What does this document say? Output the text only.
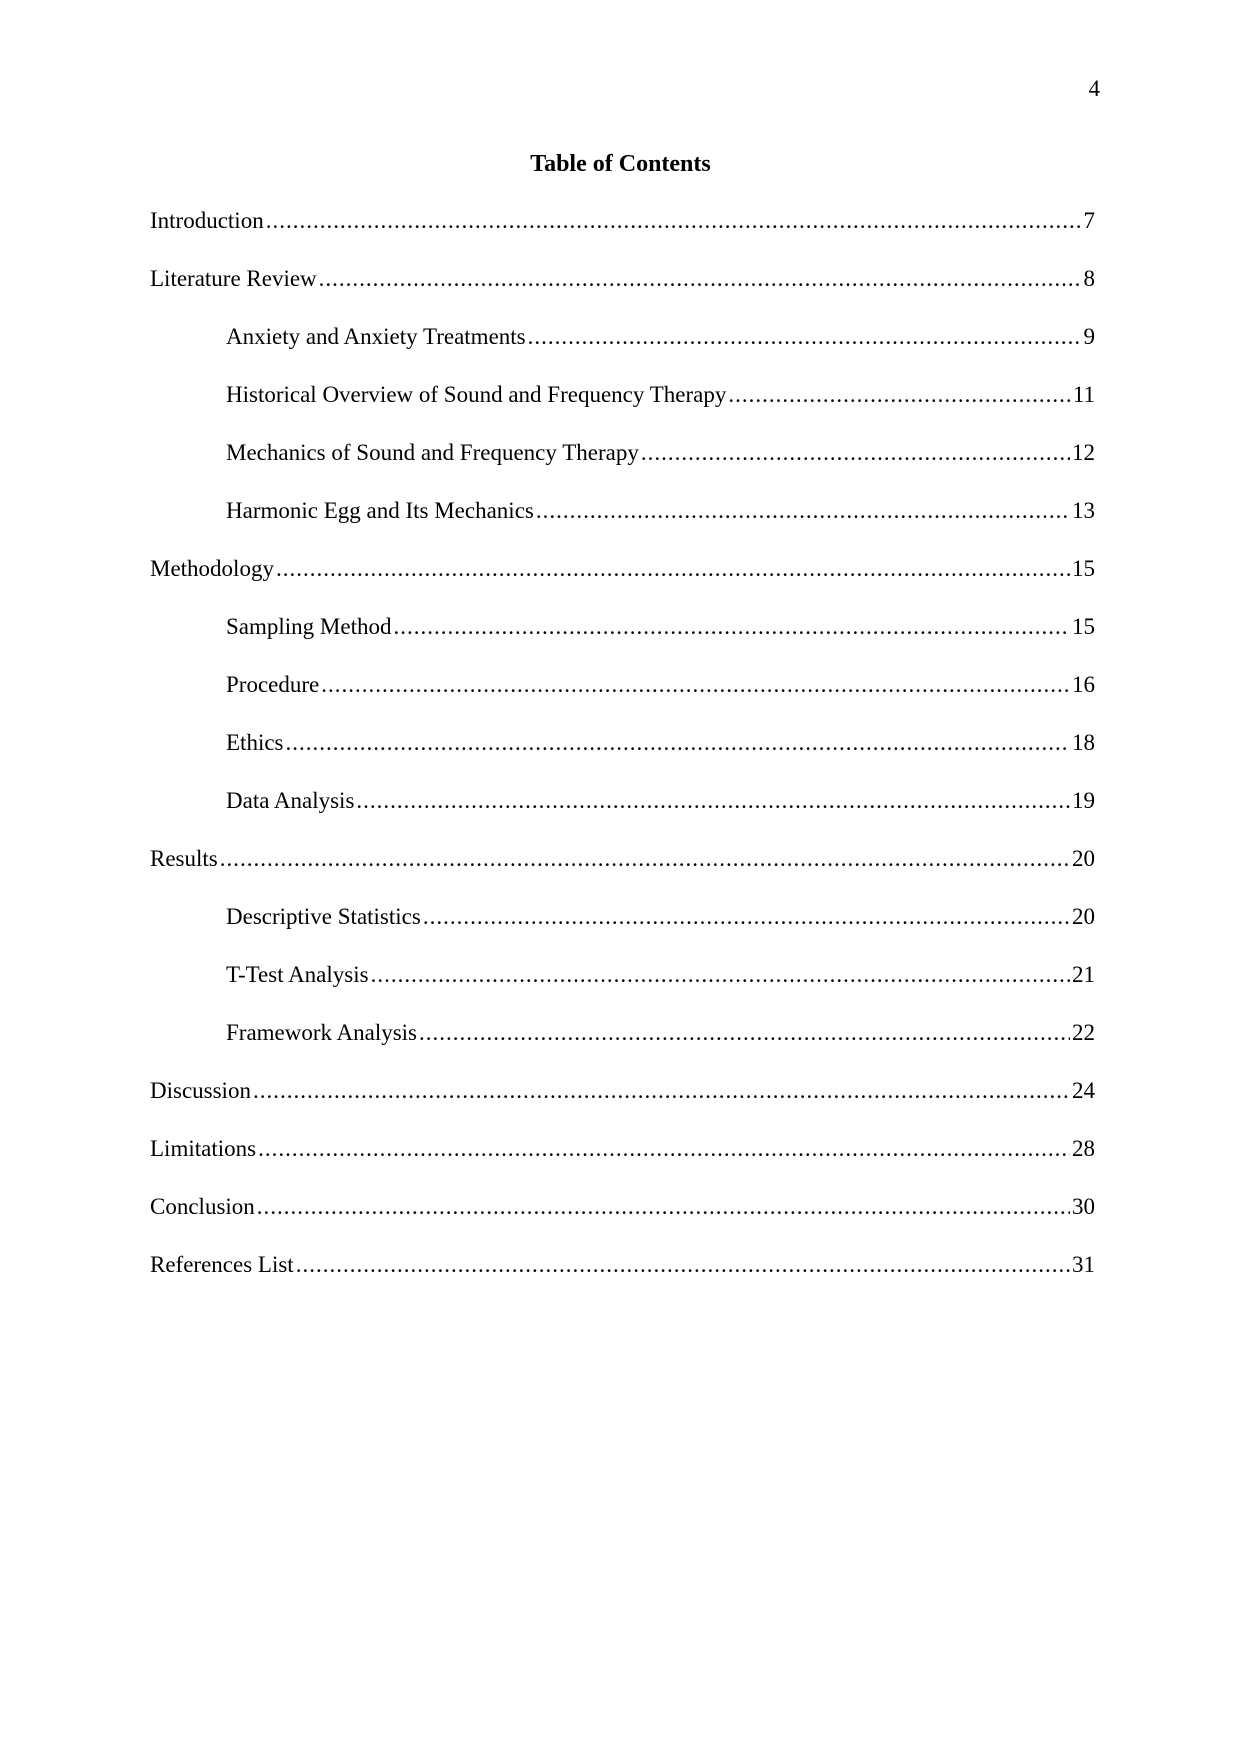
4
Table of Contents
Introduction .....	7
Literature Review .....	8
Anxiety and Anxiety Treatments .....	9
Historical Overview of Sound and Frequency Therapy .....	11
Mechanics of Sound and Frequency Therapy .....	12
Harmonic Egg and Its Mechanics .....	13
Methodology .....	15
Sampling Method .....	15
Procedure .....	16
Ethics .....	18
Data Analysis .....	19
Results .....	20
Descriptive Statistics .....	20
T-Test Analysis .....	21
Framework Analysis .....	22
Discussion .....	24
Limitations .....	28
Conclusion .....	30
References List .....	31
